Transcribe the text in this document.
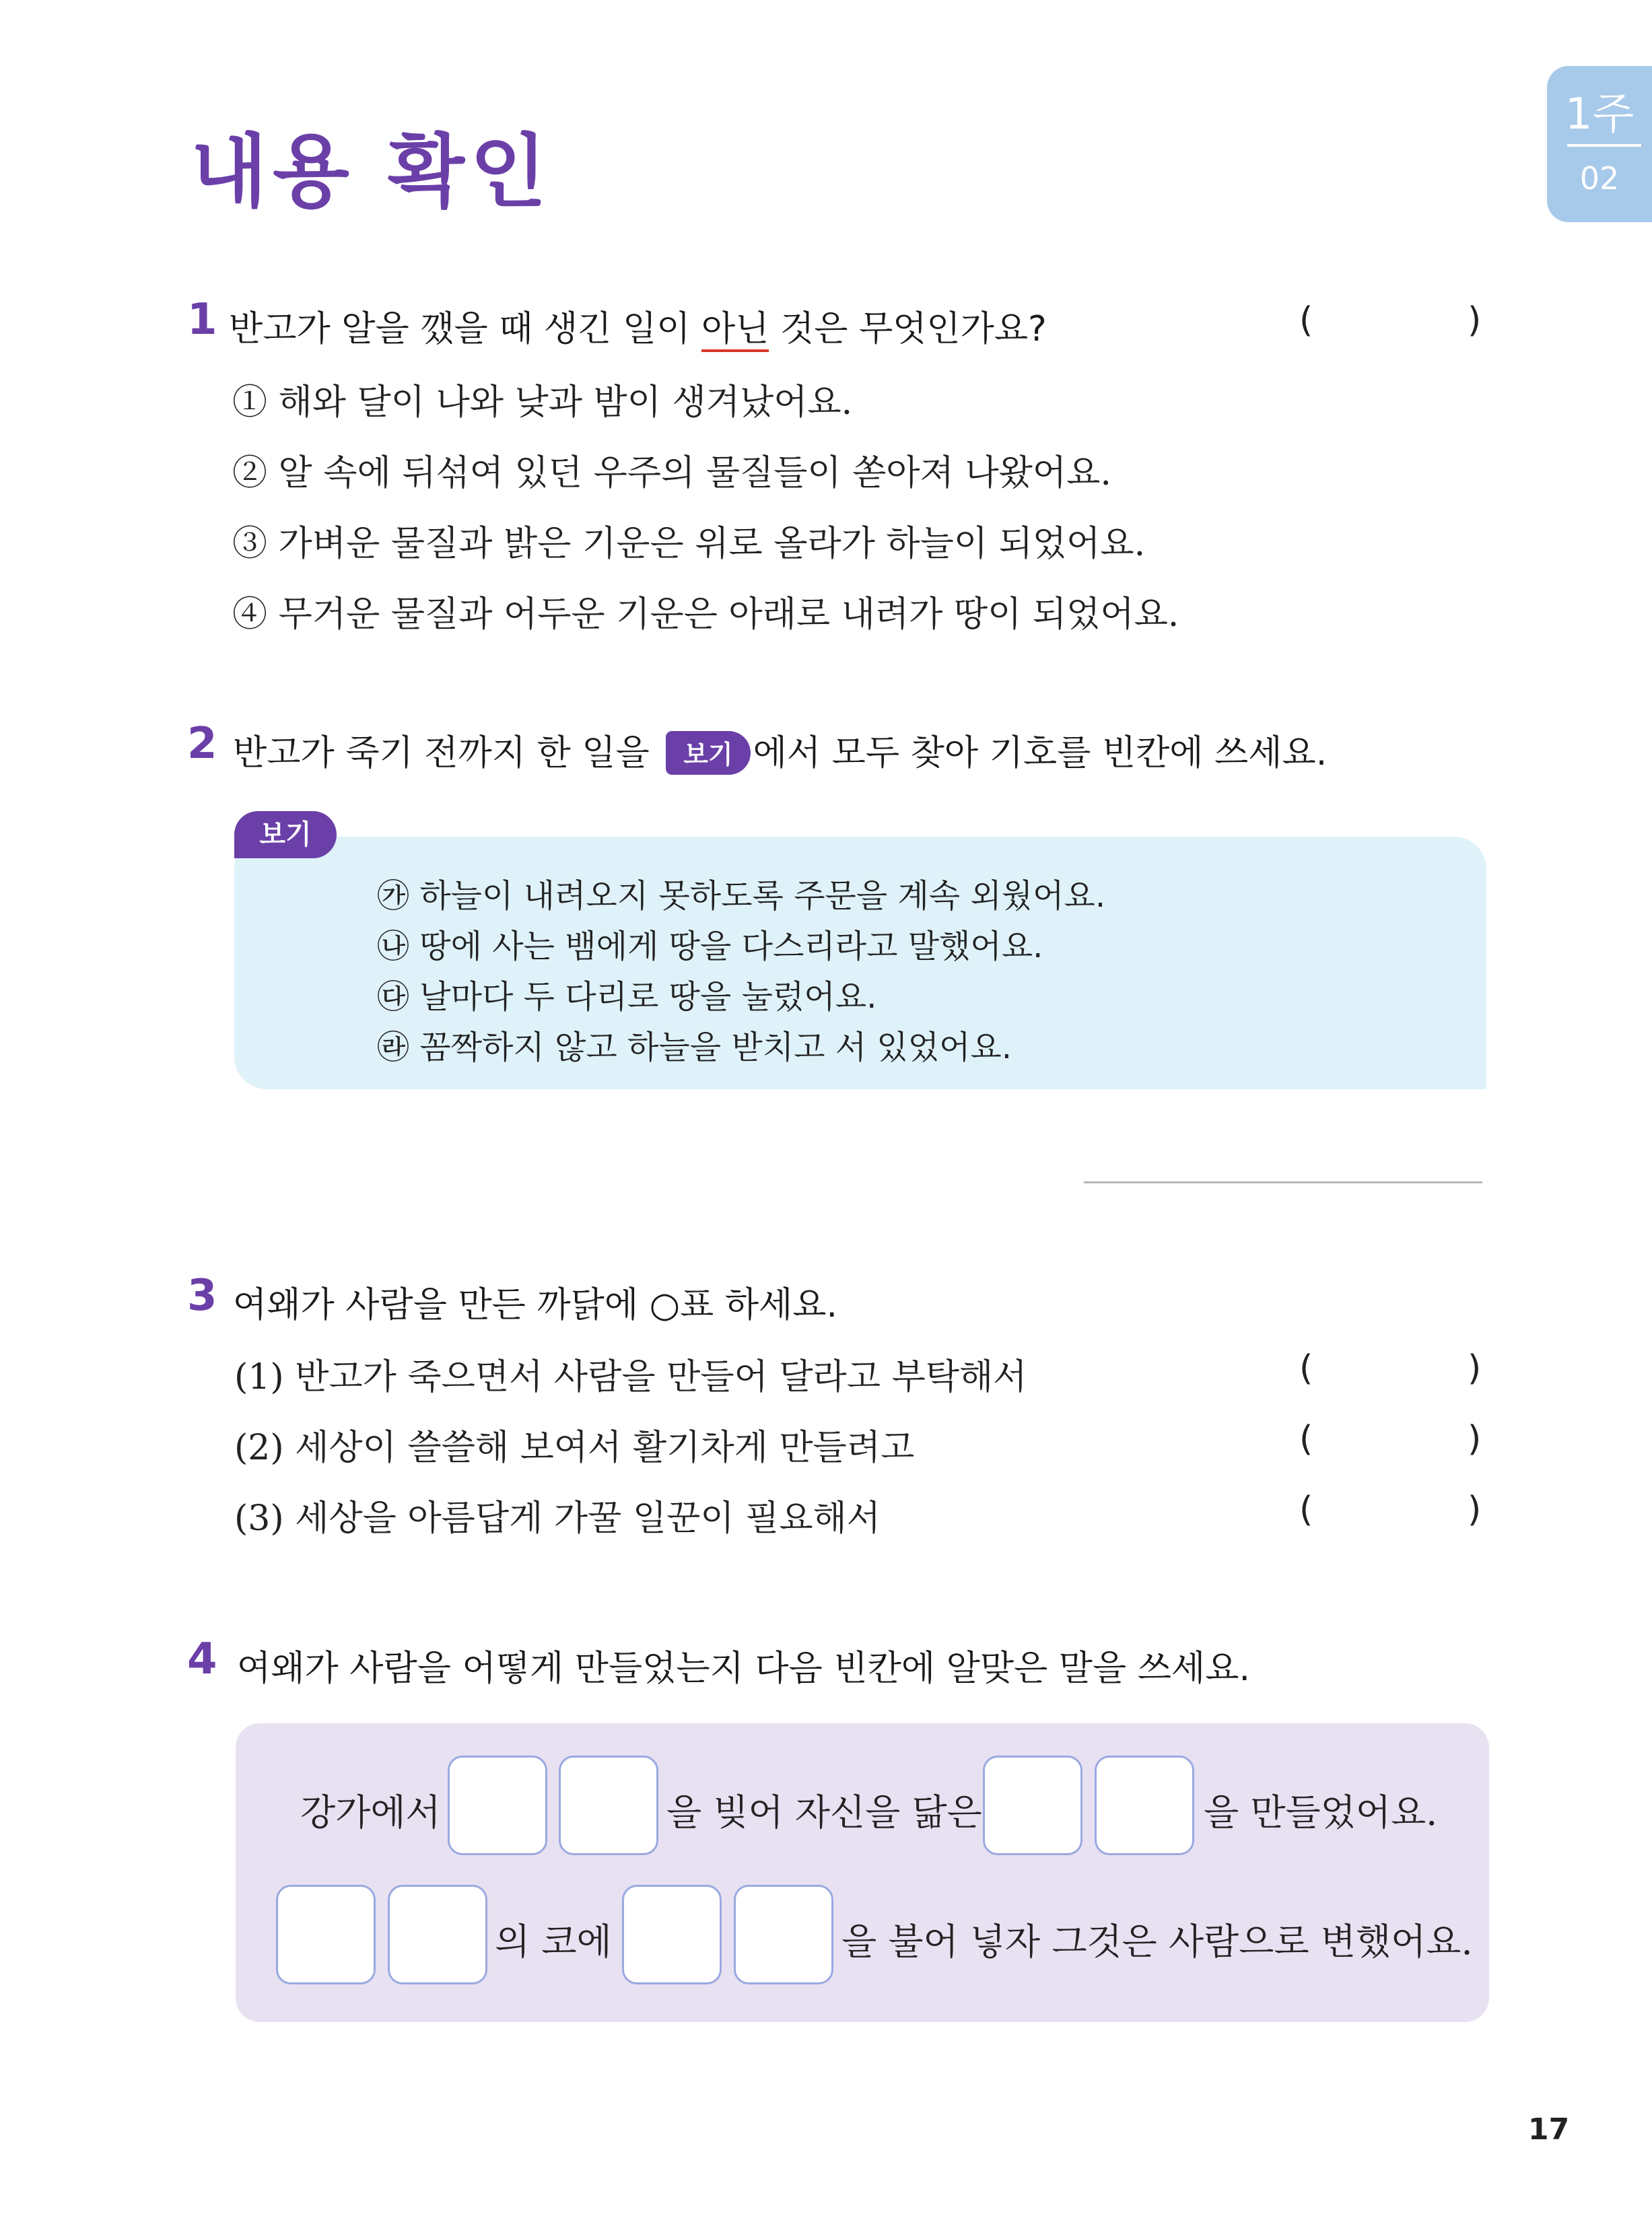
내용 확인
1주
02
1 반고가 알을 깼을 때 생긴 일이 아닌 것은 무엇인가요?	(	)
① 해와 달이 나와 낮과 밤이 생겨났어요.
② 알 속에 뒤섞여 있던 우주의 물질들이 쏟아져 나왔어요.
③ 가벼운 물질과 밝은 기운은 위로 올라가 하늘이 되었어요.
④ 무거운 물질과 어두운 기운은 아래로 내려가 땅이 되었어요.
2 반고가 죽기 전까지 한 일을 보기 에서 모두 찾아 기호를 빈칸에 쓰세요.
보기
㉮ 하늘이 내려오지 못하도록 주문을 계속 외웠어요.
㉯ 땅에 사는 뱀에게 땅을 다스리라고 말했어요.
㉰ 날마다 두 다리로 땅을 눌렀어요.
㉱ 꼼짝하지 않고 하늘을 받치고 서 있었어요.
3 여왜가 사람을 만든 까닭에 ○표 하세요.
(1) 반고가 죽으면서 사람을 만들어 달라고 부탁해서	(	)
(2) 세상이 쓸쓸해 보여서 활기차게 만들려고	(	)
(3) 세상을 아름답게 가꿀 일꾼이 필요해서	(	)
4 여왜가 사람을 어떻게 만들었는지 다음 빈칸에 알맞은 말을 쓰세요.
강가에서	을 빚어 자신을 닮은	을 만들었어요.
의 코에	을 불어 넣자 그것은 사람으로 변했어요.
17
